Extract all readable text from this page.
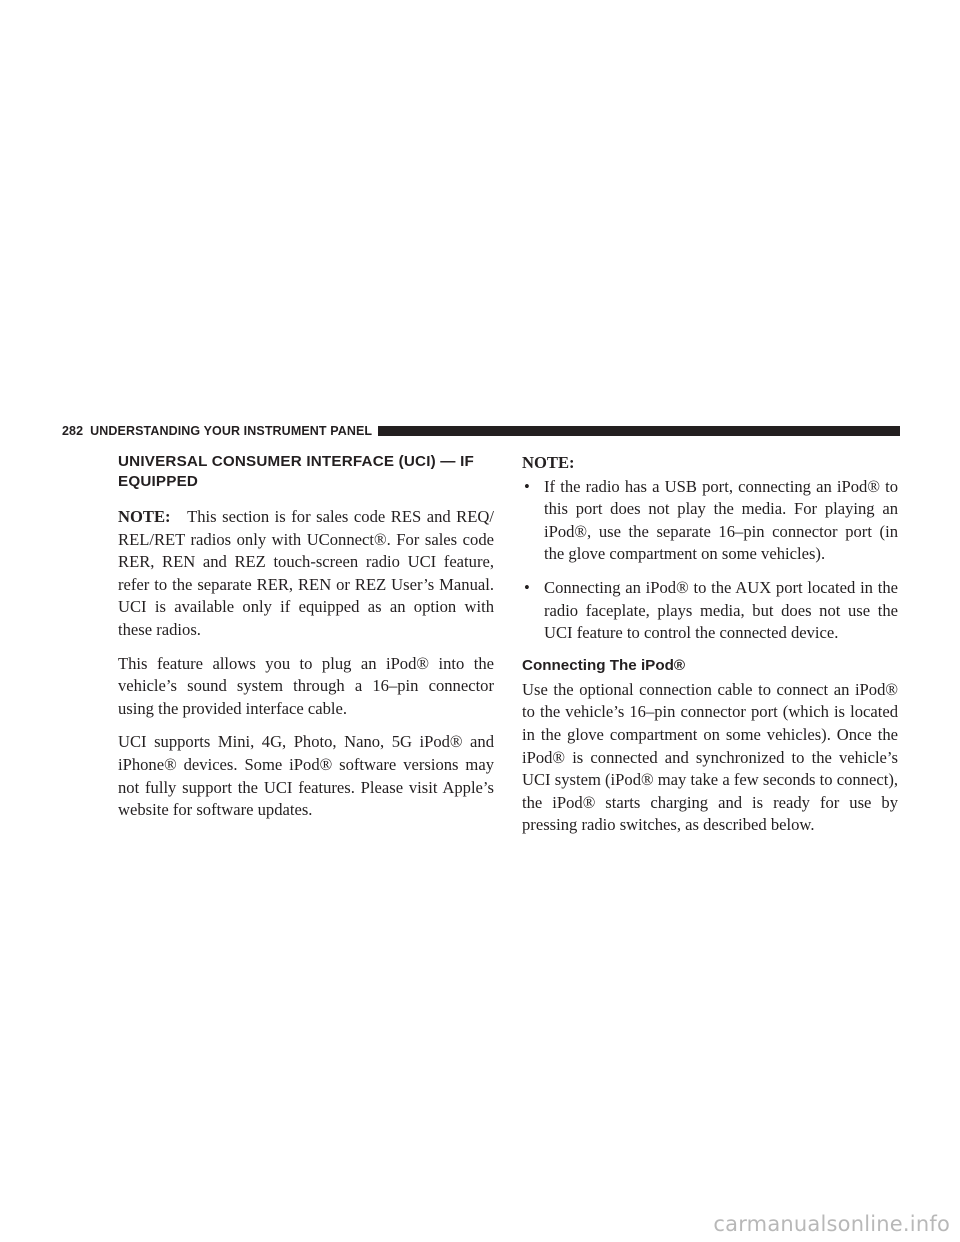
282 UNDERSTANDING YOUR INSTRUMENT PANEL
UNIVERSAL CONSUMER INTERFACE (UCI) — IF EQUIPPED

NOTE: This section is for sales code RES and REQ/ REL/RET radios only with UConnect®. For sales code RER, REN and REZ touch-screen radio UCI feature, refer to the separate RER, REN or REZ User’s Manual. UCI is available only if equipped as an option with these radios.

This feature allows you to plug an iPod® into the vehicle’s sound system through a 16–pin connector using the provided interface cable.

UCI supports Mini, 4G, Photo, Nano, 5G iPod® and iPhone® devices. Some iPod® software versions may not fully support the UCI features. Please visit Apple’s website for software updates.

NOTE:
• If the radio has a USB port, connecting an iPod® to this port does not play the media. For playing an iPod®, use the separate 16–pin connector port (in the glove compartment on some vehicles).
• Connecting an iPod® to the AUX port located in the radio faceplate, plays media, but does not use the UCI feature to control the connected device.
Connecting The iPod®

Use the optional connection cable to connect an iPod® to the vehicle’s 16–pin connector port (which is located in the glove compartment on some vehicles). Once the iPod® is connected and synchronized to the vehicle’s UCI system (iPod® may take a few seconds to connect), the iPod® starts charging and is ready for use by pressing radio switches, as described below.

carmanualsonline.info
